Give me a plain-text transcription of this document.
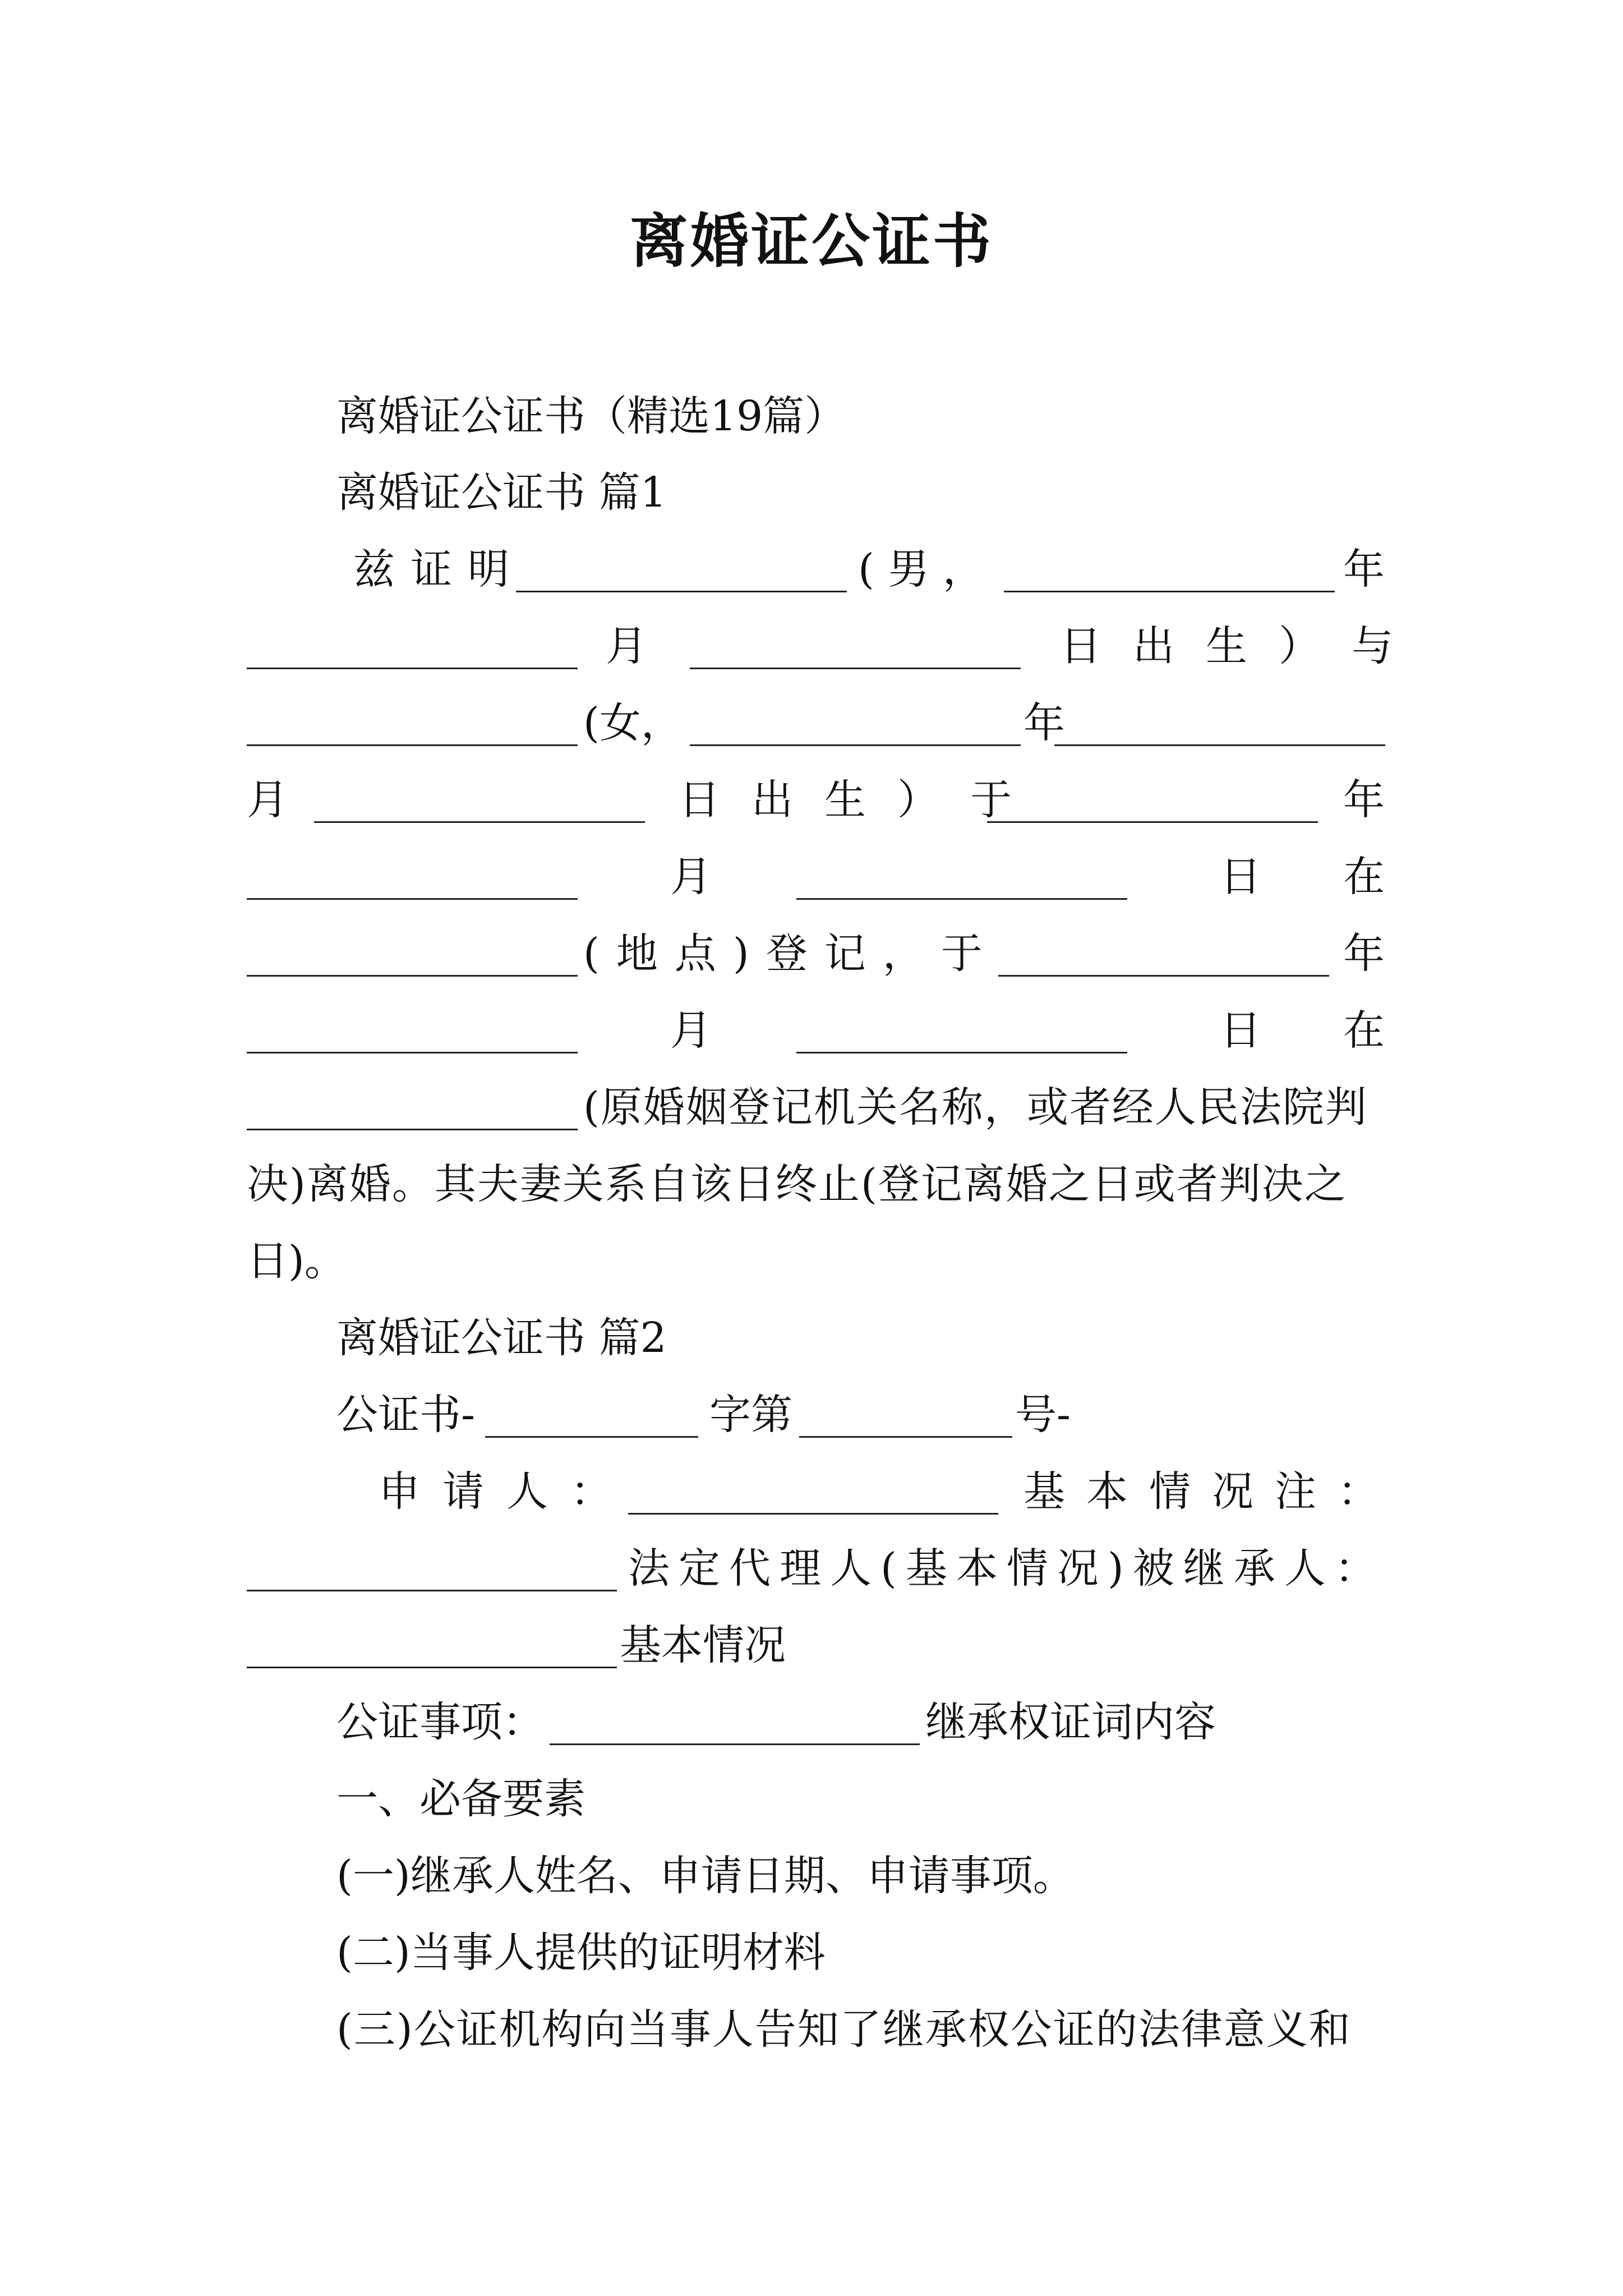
离婚证公证书
离婚证公证书（精选19篇）
离婚证公证书 篇1
兹证明	(男，	年
月	日出生）与
(女，	年
月	日出生）于	年
月	日 在
(地点)登记，于	年
月	日 在
(原婚姻登记机关名称，或者经人民法院判
决)离婚。其夫妻关系自该日终止(登记离婚之日或者判决之
日)。
离婚证公证书 篇2
公证书-	字第	号-
申请人：	基本情况注：
法定代理人(基本情况)被继承人：
基本情况
公证事项：	继承权证词内容
一、必备要素
(一)继承人姓名、申请日期、申请事项。
(二)当事人提供的证明材料
(三)公证机构向当事人告知了继承权公证的法律意义和
